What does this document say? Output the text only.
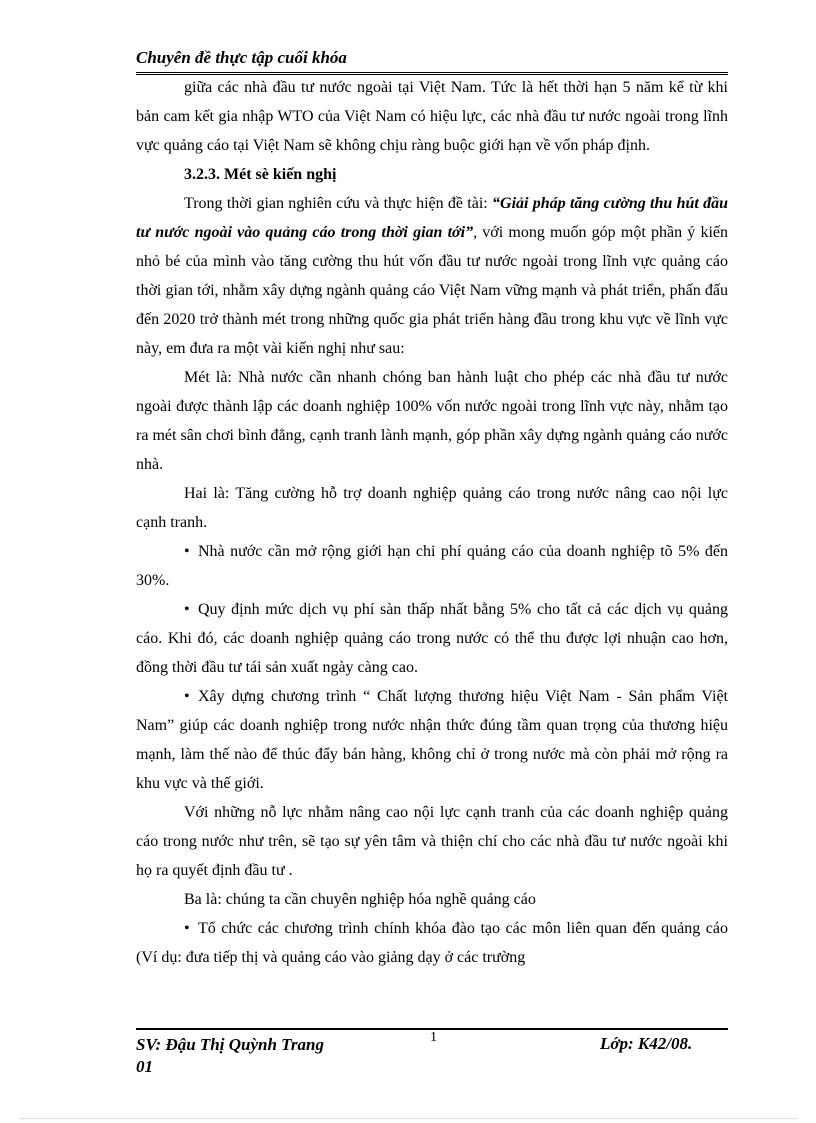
Chuyên đề thực tập cuối khóa

giữa các nhà đầu tư nước ngoài tại Việt Nam. Tức là hết thời hạn 5 năm kể từ khi bản cam kết gia nhập WTO của Việt Nam có hiệu lực, các nhà đầu tư nước ngoài trong lĩnh vực quảng cáo tại Việt Nam sẽ không chịu ràng buộc giới hạn về vốn pháp định.

3.2.3. Mét sè kiến nghị

Trong thời gian nghiên cứu và thực hiện đề tài: “Giải pháp tăng cường thu hút đầu tư nước ngoài vào quảng cáo trong thời gian tới”, với mong muốn góp một phần ý kiến nhỏ bé của mình vào tăng cường thu hút vốn đầu tư nước ngoài trong lĩnh vực quảng cáo thời gian tới, nhằm xây dựng ngành quảng cáo Việt Nam vững mạnh và phát triển, phấn đấu đến 2020 trở thành mét trong những quốc gia phát triển hàng đầu trong khu vực về lĩnh vực này, em đưa ra một vài kiến nghị như sau:

Mét là: Nhà nước cần nhanh chóng ban hành luật cho phép các nhà đầu tư nước ngoài được thành lập các doanh nghiệp 100% vốn nước ngoài trong lĩnh vực này, nhằm tạo ra mét sân chơi bình đẳng, cạnh tranh lành mạnh, góp phần xây dựng ngành quảng cáo nước nhà.

Hai là: Tăng cường hỗ trợ doanh nghiệp quảng cáo trong nước nâng cao nội lực cạnh tranh.

• Nhà nước cần mở rộng giới hạn chi phí quảng cáo của doanh nghiệp tõ 5% đến 30%.

• Quy định mức dịch vụ phí sàn thấp nhất bằng 5% cho tất cả các dịch vụ quảng cáo. Khi đó, các doanh nghiệp quảng cáo trong nước có thể thu được lợi nhuận cao hơn, đồng thời đầu tư tái sản xuất ngày càng cao.

• Xây dựng chương trình “ Chất lượng thương hiệu Việt Nam - Sản phẩm Việt Nam” giúp các doanh nghiệp trong nước nhận thức đúng tầm quan trọng của thương hiệu mạnh, làm thế nào để thúc đẩy bán hàng, không chỉ ở trong nước mà còn phải mở rộng ra khu vực và thế giới.

Với những nỗ lực nhằm nâng cao nội lực cạnh tranh của các doanh nghiệp quảng cáo trong nước như trên, sẽ tạo sự yên tâm và thiện chí cho các nhà đầu tư nước ngoài khi họ ra quyết định đầu tư .

Ba là: chúng ta cần chuyên nghiệp hóa nghề quảng cáo

• Tổ chức các chương trình chính khóa đào tạo các môn liên quan đến quảng cáo (Ví dụ: đưa tiếp thị và quảng cáo vào giảng dạy ở các trường

SV: Đậu Thị Quỳnh Trang
01
1	Lớp: K42/08.
